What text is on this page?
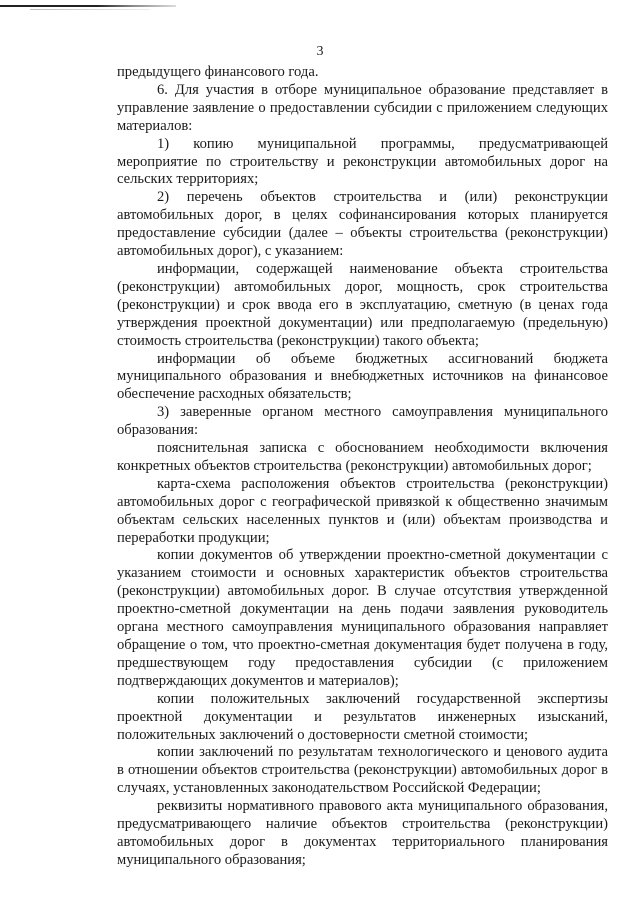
3

предыдущего финансового года.

6. Для участия в отборе муниципальное образование представляет в управление заявление о предоставлении субсидии с приложением следующих материалов:

1) копию муниципальной программы, предусматривающей мероприятие по строительству и реконструкции автомобильных дорог на сельских территориях;

2) перечень объектов строительства и (или) реконструкции автомобильных дорог, в целях софинансирования которых планируется предоставление субсидии (далее – объекты строительства (реконструкции) автомобильных дорог), с указанием:

информации, содержащей наименование объекта строительства (реконструкции) автомобильных дорог, мощность, срок строительства (реконструкции) и срок ввода его в эксплуатацию, сметную (в ценах года утверждения проектной документации) или предполагаемую (предельную) стоимость строительства (реконструкции) такого объекта;

информации об объеме бюджетных ассигнований бюджета муниципального образования и внебюджетных источников на финансовое обеспечение расходных обязательств;

3) заверенные органом местного самоуправления муниципального образования:

пояснительная записка с обоснованием необходимости включения конкретных объектов строительства (реконструкции) автомобильных дорог;

карта-схема расположения объектов строительства (реконструкции) автомобильных дорог с географической привязкой к общественно значимым объектам сельских населенных пунктов и (или) объектам производства и переработки продукции;

копии документов об утверждении проектно-сметной документации с указанием стоимости и основных характеристик объектов строительства (реконструкции) автомобильных дорог. В случае отсутствия утвержденной проектно-сметной документации на день подачи заявления руководитель органа местного самоуправления муниципального образования направляет обращение о том, что проектно-сметная документация будет получена в году, предшествующем году предоставления субсидии (с приложением подтверждающих документов и материалов);

копии положительных заключений государственной экспертизы проектной документации и результатов инженерных изысканий, положительных заключений о достоверности сметной стоимости;

копии заключений по результатам технологического и ценового аудита в отношении объектов строительства (реконструкции) автомобильных дорог в случаях, установленных законодательством Российской Федерации;

реквизиты нормативного правового акта муниципального образования, предусматривающего наличие объектов строительства (реконструкции) автомобильных дорог в документах территориального планирования муниципального образования;
